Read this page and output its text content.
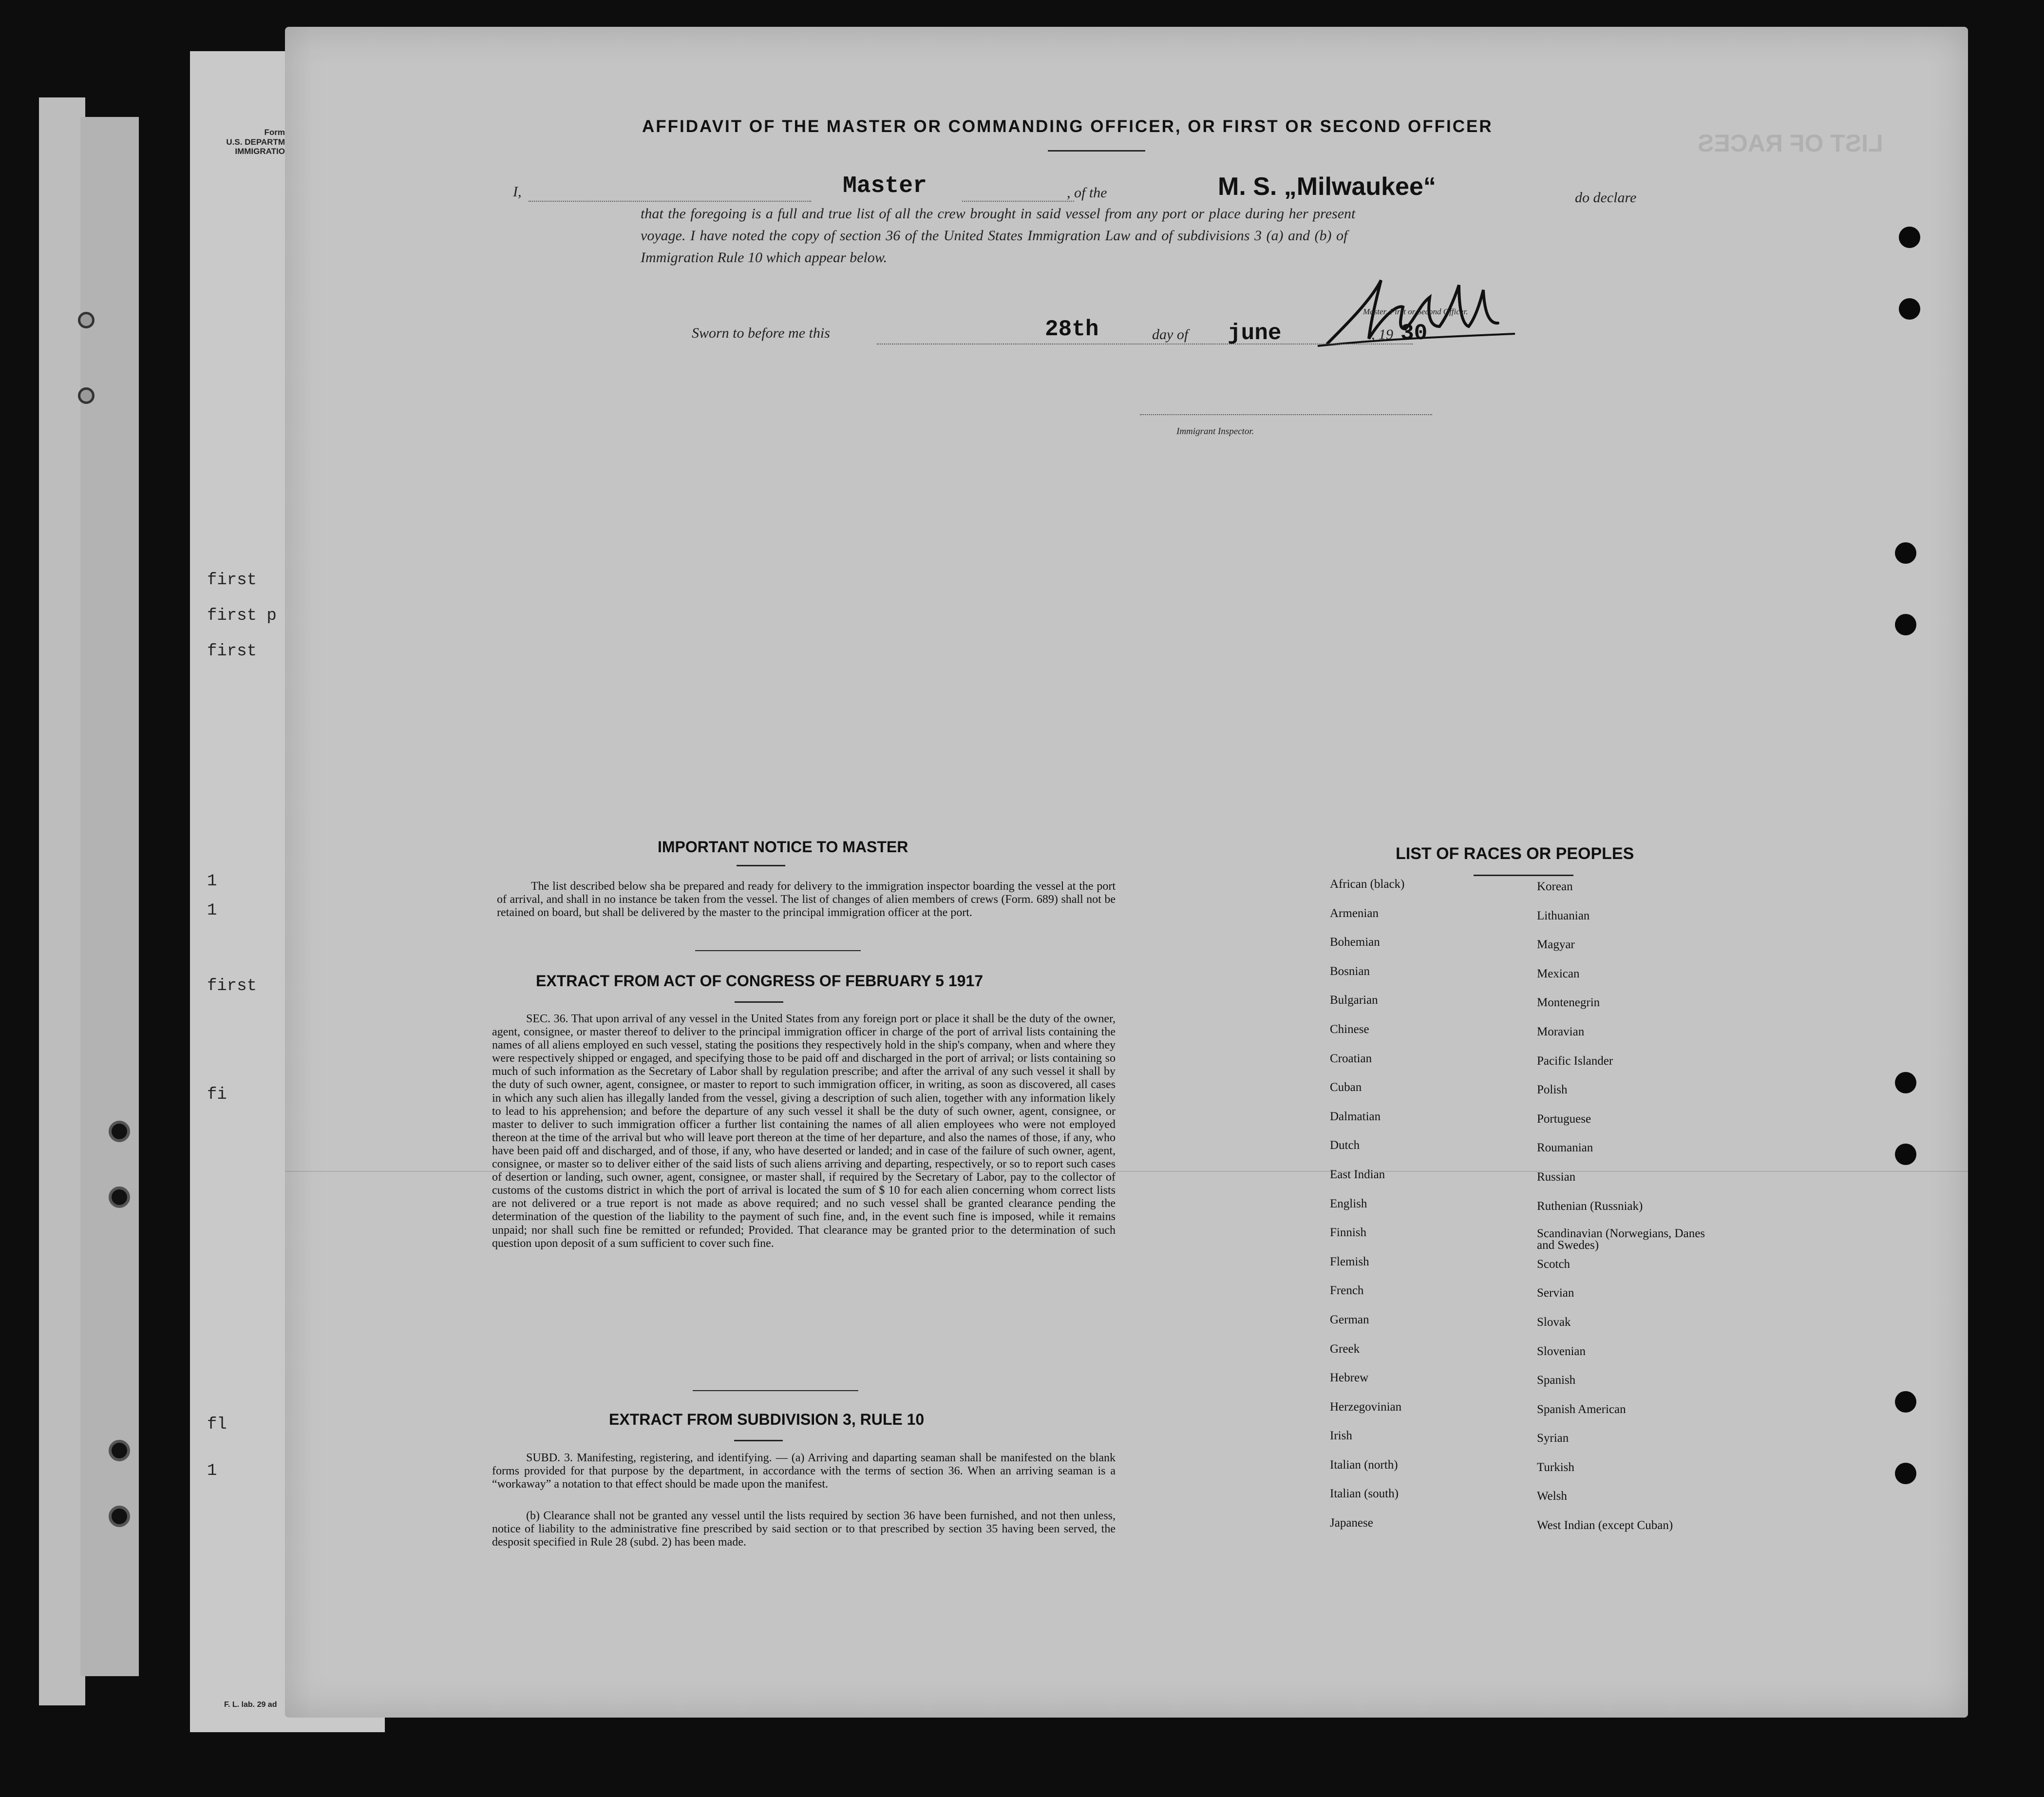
Form
U.S. DEPARTM
IMMIGRATIO
first
first p
first
1
1
first
fi
fl
1
F. L. lab. 29 ad
LIST OF RACES
AFFIDAVIT OF THE MASTER OR COMMANDING OFFICER, OR FIRST OR SECOND OFFICER
I,	Master	, of the	M. S. „Milwaukee“	do declare
that the foregoing is a full and true list of all the crew brought in said vessel from any port or place during her present
voyage. I have noted the copy of section 36 of the United States Immigration Law and of subdivisions 3 (a) and (b) of
Immigration Rule 10 which appear below.
Master, First or Second Officer.
Sworn to before me this	28th	day of june	, 19 30
Immigrant Inspector.
IMPORTANT NOTICE TO MASTER
The list described below sha be prepared and ready for delivery to the immigration inspector boarding the vessel at the port of arrival, and shall in no instance be taken from the vessel. The list of changes of alien members of crews (Form. 689) shall not be retained on board, but shall be delivered by the master to the principal immigration officer at the port.
EXTRACT FROM ACT OF CONGRESS OF FEBRUARY 5 1917
SEC. 36. That upon arrival of any vessel in the United States from any foreign port or place it shall be the duty of the owner, agent, consignee, or master thereof to deliver to the principal immigration officer in charge of the port of arrival lists containing the names of all aliens employed en such vessel, stating the positions they respectively hold in the ship's company, when and where they were respectively shipped or engaged, and specifying those to be paid off and discharged in the port of arrival; or lists containing so much of such information as the Secretary of Labor shall by regulation prescribe; and after the arrival of any such vessel it shall by the duty of such owner, agent, consignee, or master to report to such immigration officer, in writing, as soon as discovered, all cases in which any such alien has illegally landed from the vessel, giving a description of such alien, together with any information likely to lead to his apprehension; and before the departure of any such vessel it shall be the duty of such owner, agent, consignee, or master to deliver to such immigration officer a further list containing the names of all alien employees who were not employed thereon at the time of the arrival but who will leave port thereon at the time of her departure, and also the names of those, if any, who have been paid off and discharged, and of those, if any, who have deserted or landed; and in case of the failure of such owner, agent, consignee, or master so to deliver either of the said lists of such aliens arriving and departing, respectively, or so to report such cases of desertion or landing, such owner, agent, consignee, or master shall, if required by the Secretary of Labor, pay to the collector of customs of the customs district in which the port of arrival is located the sum of $ 10 for each alien concerning whom correct lists are not delivered or a true report is not made as above required; and no such vessel shall be granted clearance pending the determination of the question of the liability to the payment of such fine, and, in the event such fine is imposed, while it remains unpaid; nor shall such fine be remitted or refunded; Provided. That clearance may be granted prior to the determination of such question upon deposit of a sum sufficient to cover such fine.
EXTRACT FROM SUBDIVISION 3, RULE 10
SUBD. 3. Manifesting, registering, and identifying. — (a) Arriving and daparting seaman shall be manifested on the blank forms provided for that purpose by the department, in accordance with the terms of section 36. When an arriving seaman is a “workaway” a notation to that effect should be made upon the manifest.
(b) Clearance shall not be granted any vessel until the lists required by section 36 have been furnished, and not then unless, notice of liability to the administrative fine prescribed by said section or to that prescribed by section 35 having been served, the desposit specified in Rule 28 (subd. 2) has been made.
LIST OF RACES OR PEOPLES
African (black)
Armenian
Bohemian
Bosnian
Bulgarian
Chinese
Croatian
Cuban
Dalmatian
Dutch
East Indian
English
Finnish
Flemish
French
German
Greek
Hebrew
Herzegovinian
Irish
Italian (north)
Italian (south)
Japanese
Korean
Lithuanian
Magyar
Mexican
Montenegrin
Moravian
Pacific Islander
Polish
Portuguese
Roumanian
Russian
Ruthenian (Russniak)
Scandinavian (Norwegians, Danes and Swedes)
Scotch
Servian
Slovak
Slovenian
Spanish
Spanish American
Syrian
Turkish
Welsh
West Indian (except Cuban)
